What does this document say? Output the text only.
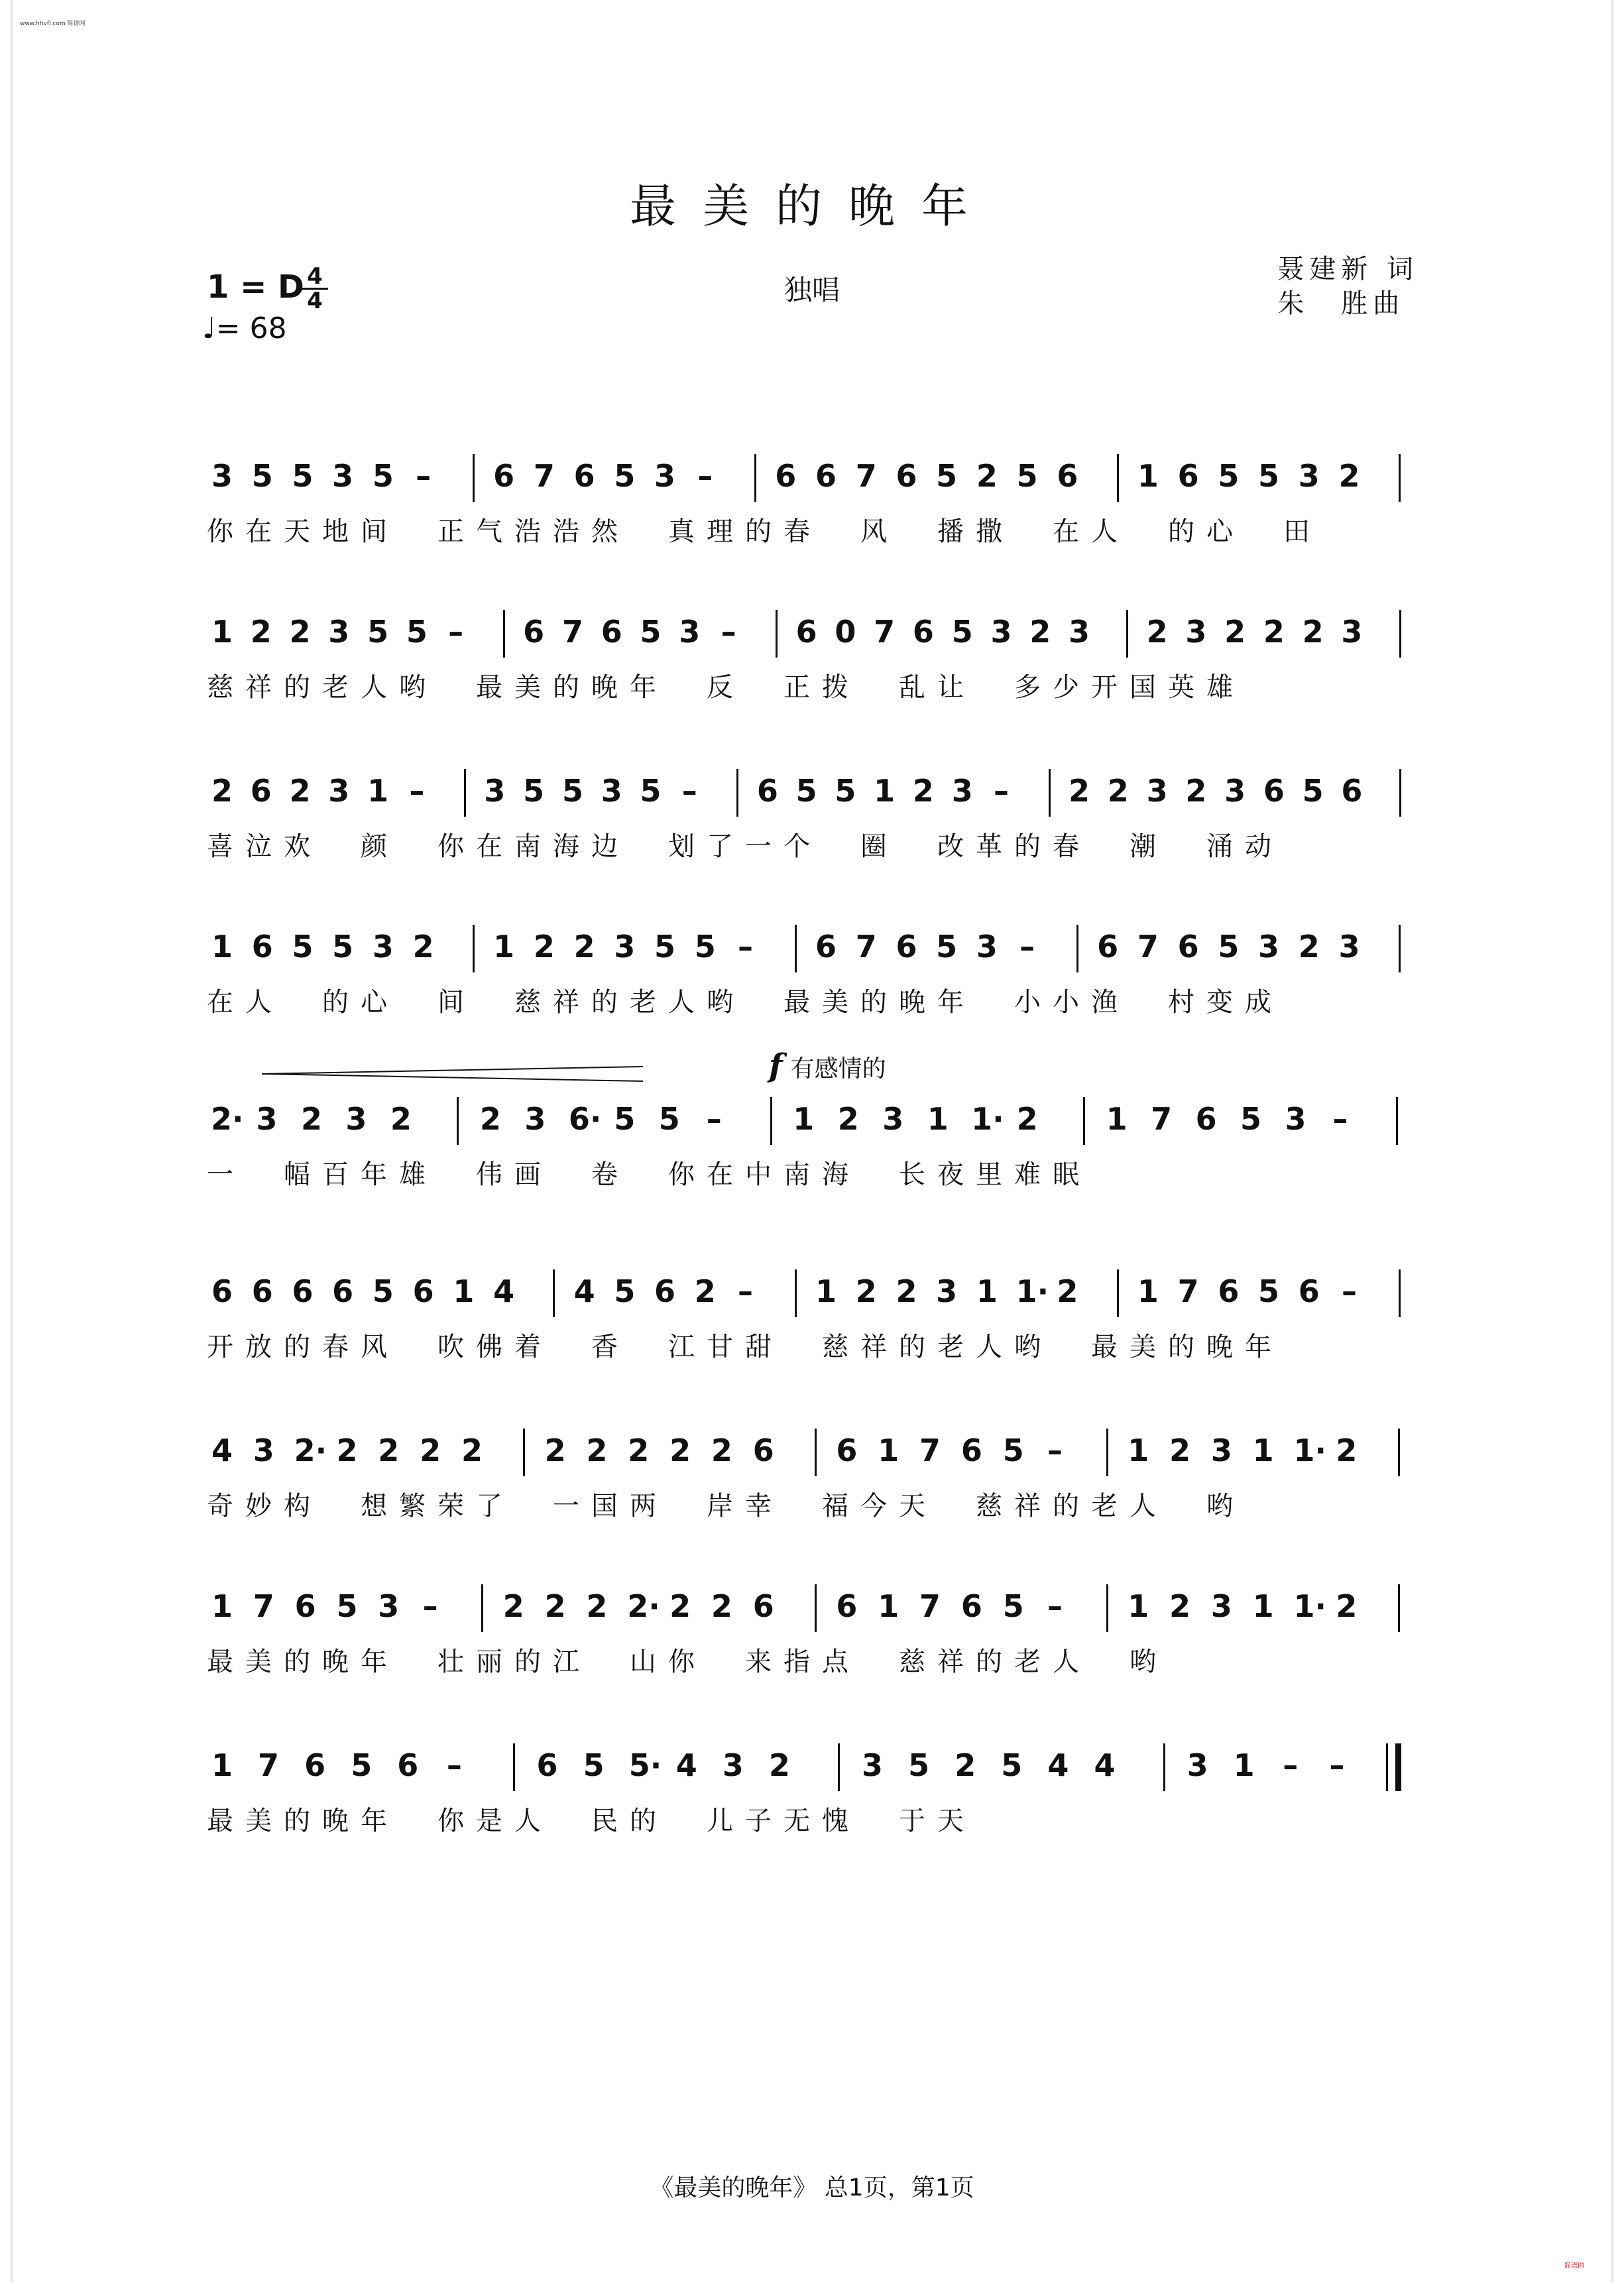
www.hhvfl.com 简谱网
最美的晚年
1 = D 4
4
♩= 68
独唱
聂建新 词
朱　胜曲
3 5 5 3 5 – 6 7 6 5 3 – 6 6 7 6 5 2 5 6 1 6 5 5 3 2
你在天地间　正气浩浩然　真理的春　风　播撒　在人　的心　田
1 2 2 3 5 5 – 6 7 6 5 3 – 6 0 7 6 5 3 2 3 2 3 2 2 2 3
慈祥的老人哟　最美的晚年　反　正拨　乱让　多少开国英雄
2 6 2 3 1 – 3 5 5 3 5 – 6 5 5 1 2 3 – 2 2 3 2 3 6 5 6
喜泣欢　颜　你在南海边　划了一个　圈　改革的春　潮　涌动
1 6 5 5 3 2 1 2 2 3 5 5 – 6 7 6 5 3 – 6 7 6 5 3 2 3
在人　的心　间　慈祥的老人哟　最美的晚年　小小渔　村变成
2· 3 2 3 2 2 3 6· 5 5 – 1 2 3 1 1· 2 1 7 6 5 3 –
一　幅百年雄　伟画　卷　你在中南海　长夜里难眠
6 6 6 6 5 6 1 4 4 5 6 2 – 1 2 2 3 1 1· 2 1 7 6 5 6 –
开放的春风　吹佛着　香　江甘甜　慈祥的老人哟　最美的晚年
4 3 2· 2 2 2 2 2 2 2 2 2 6 6 1 7 6 5 – 1 2 3 1 1· 2
奇妙构　想繁荣了　一国两　岸幸　福今天　慈祥的老人　哟
1 7 6 5 3 – 2 2 2 2· 2 2 6 6 1 7 6 5 – 1 2 3 1 1· 2
最美的晚年　壮丽的江　山你　来指点　慈祥的老人　哟
1 7 6 5 6 – 6 5 5· 4 3 2 3 5 2 5 4 4 3 1 – –
最美的晚年　你是人　民的　儿子无愧　于天
f 有感情的
《最美的晚年》 总1页，第1页
简谱网
